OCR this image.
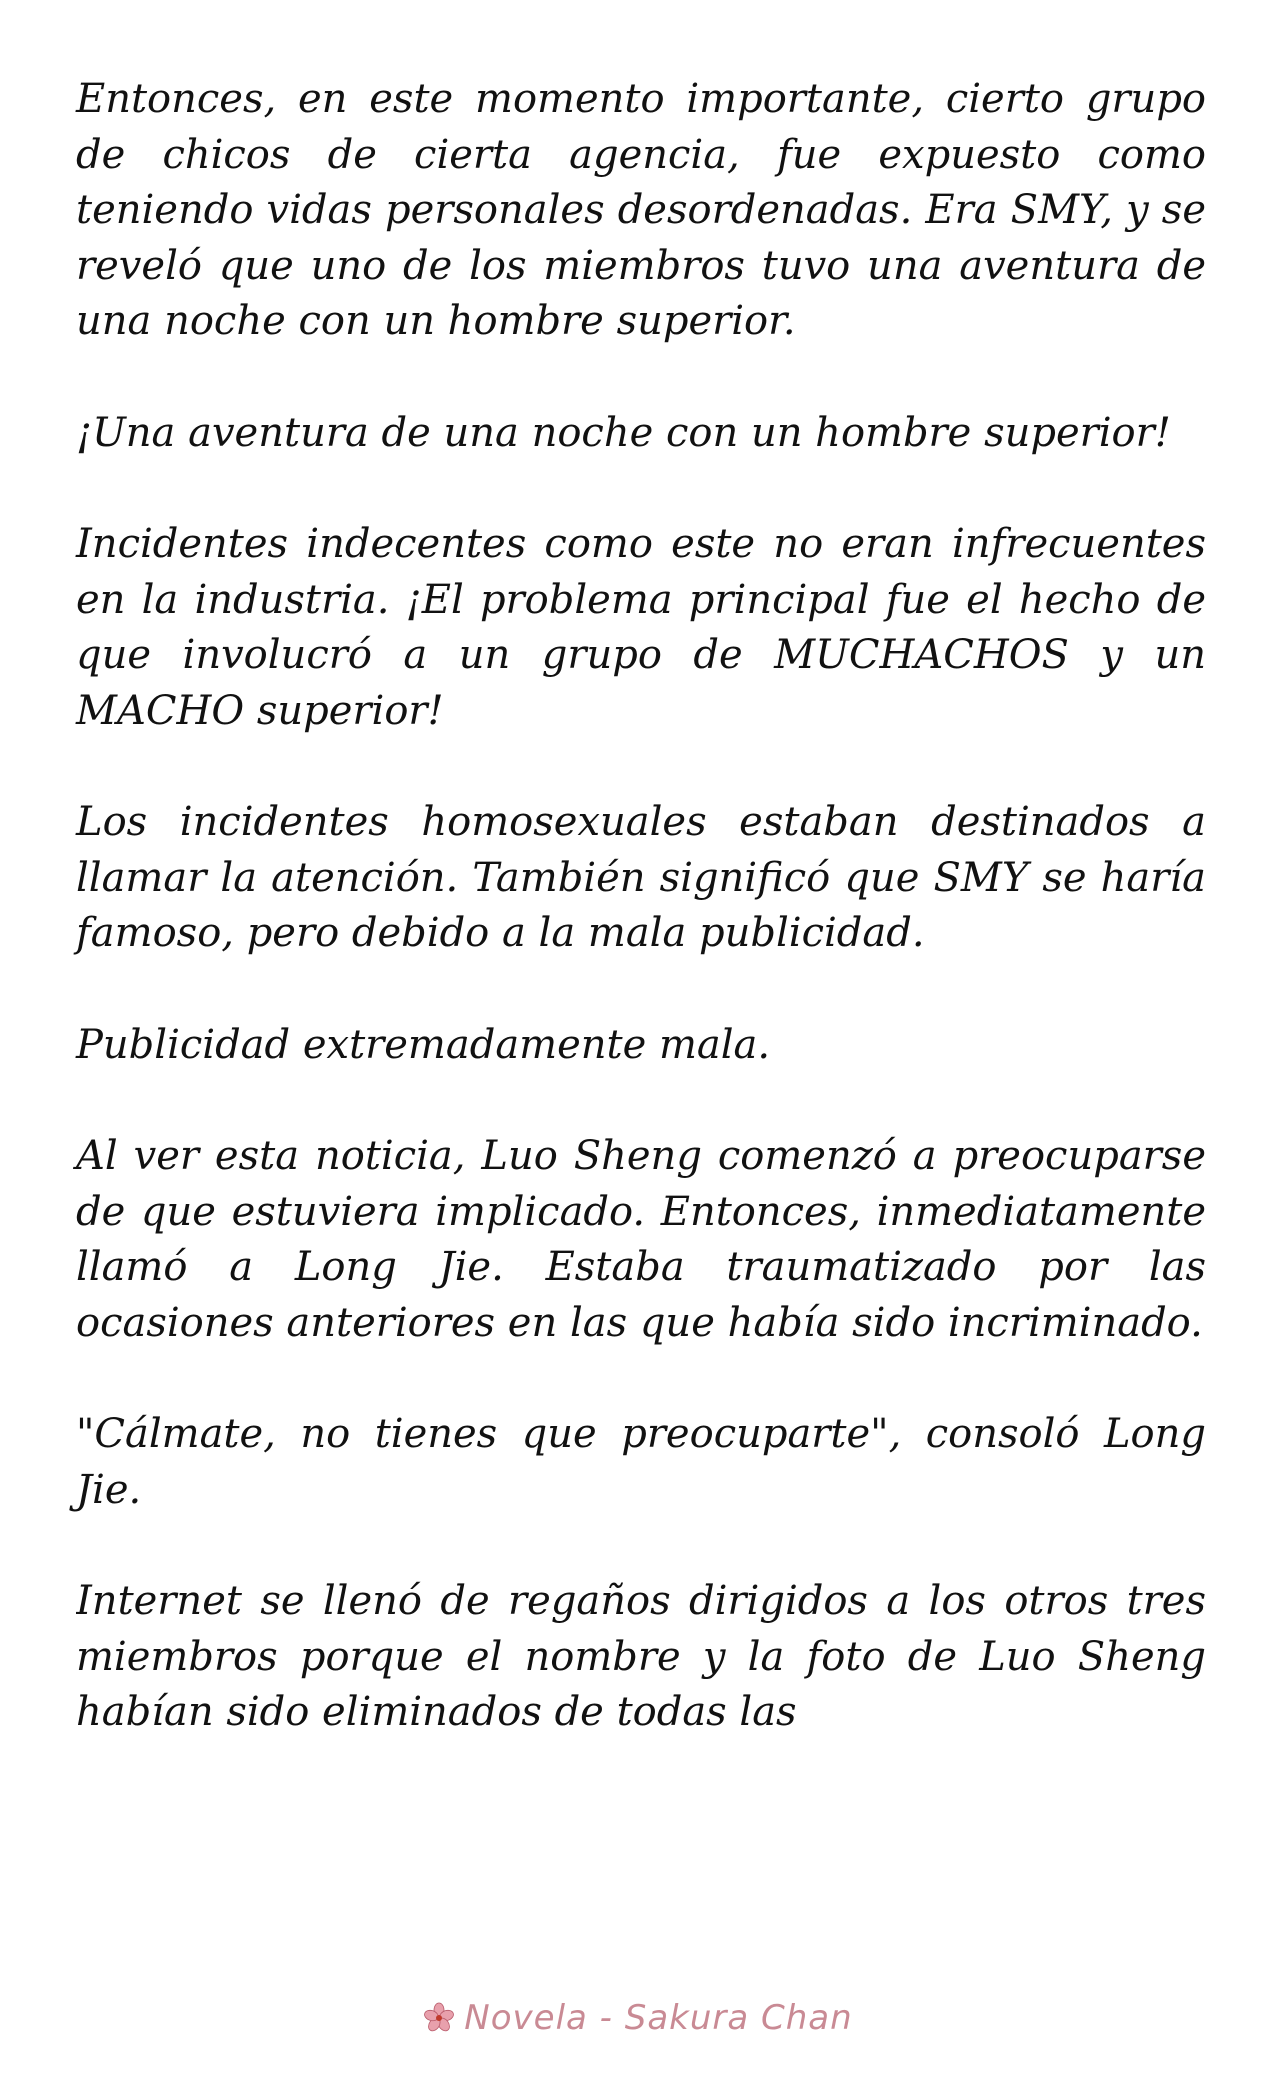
Entonces, en este momento importante, cierto grupo de chicos de cierta agencia, fue expuesto como teniendo vidas personales desordenadas. Era SMY, y se reveló que uno de los miembros tuvo una aventura de una noche con un hombre superior.

¡Una aventura de una noche con un hombre superior!

Incidentes indecentes como este no eran infrecuentes en la industria. ¡El problema principal fue el hecho de que involucró a un grupo de MUCHACHOS y un MACHO superior!

Los incidentes homosexuales estaban destinados a llamar la atención. También significó que SMY se haría famoso, pero debido a la mala publicidad.

Publicidad extremadamente mala.

Al ver esta noticia, Luo Sheng comenzó a preocuparse de que estuviera implicado. Entonces, inmediatamente llamó a Long Jie. Estaba traumatizado por las ocasiones anteriores en las que había sido incriminado.

"Cálmate, no tienes que preocuparte", consoló Long Jie.

Internet se llenó de regaños dirigidos a los otros tres miembros porque el nombre y la foto de Luo Sheng habían sido eliminados de todas las

Novela - Sakura Chan
